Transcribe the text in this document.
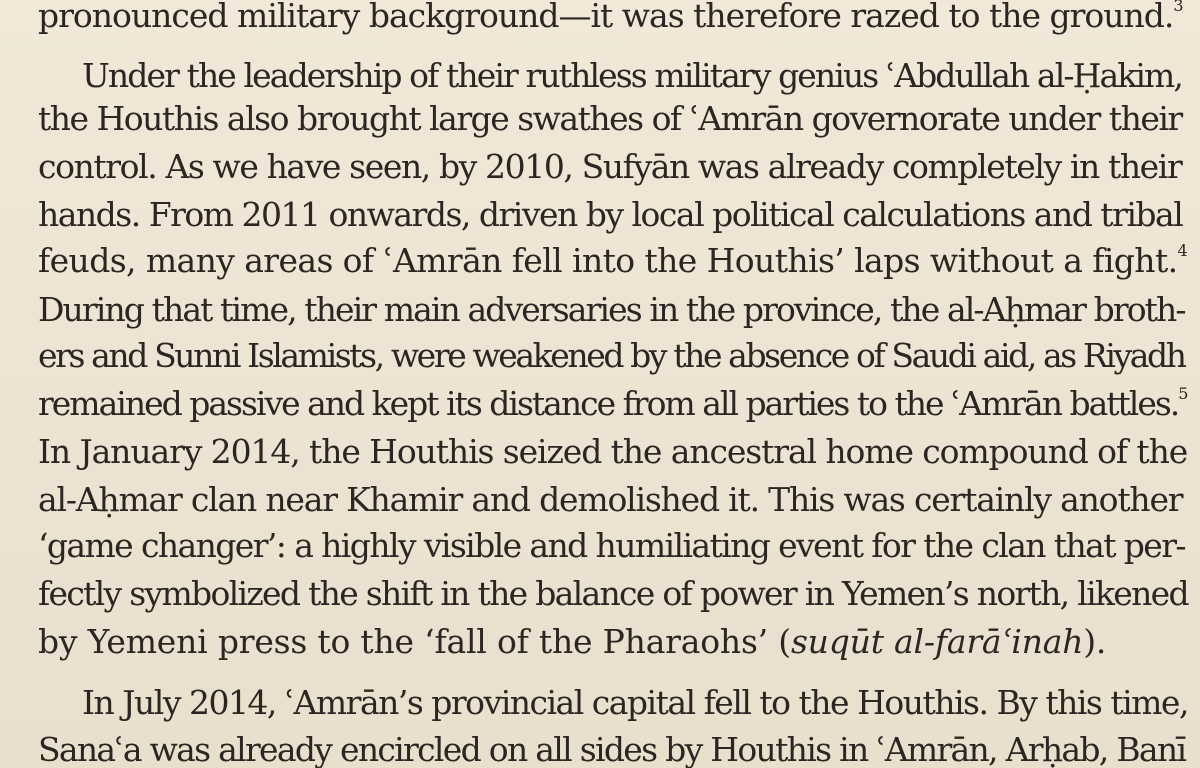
pronounced military background—it was therefore razed to the ground.$^3$
Under the leadership of their ruthless military genius ʿAbdullah al-Ḥakim,
the Houthis also brought large swathes of ʿAmrān governorate under their
control. As we have seen, by 2010, Sufyān was already completely in their
hands. From 2011 onwards, driven by local political calculations and tribal
feuds, many areas of ʿAmrān fell into the Houthis’ laps without a fight.$^4$
During that time, their main adversaries in the province, the al-Aḥmar broth-
ers and Sunni Islamists, were weakened by the absence of Saudi aid, as Riyadh
remained passive and kept its distance from all parties to the ʿAmrān battles.$^5$
In January 2014, the Houthis seized the ancestral home compound of the
al-Aḥmar clan near Khamir and demolished it. This was certainly another
‘game changer’: a highly visible and humiliating event for the clan that per-
fectly symbolized the shift in the balance of power in Yemen’s north, likened
by Yemeni press to the ‘fall of the Pharaohs’ (suqūt al-farāʿinah).
In July 2014, ʿAmrān’s provincial capital fell to the Houthis. By this time,
Sanaʿa was already encircled on all sides by Houthis in ʿAmrān, Arḥab, Banī
